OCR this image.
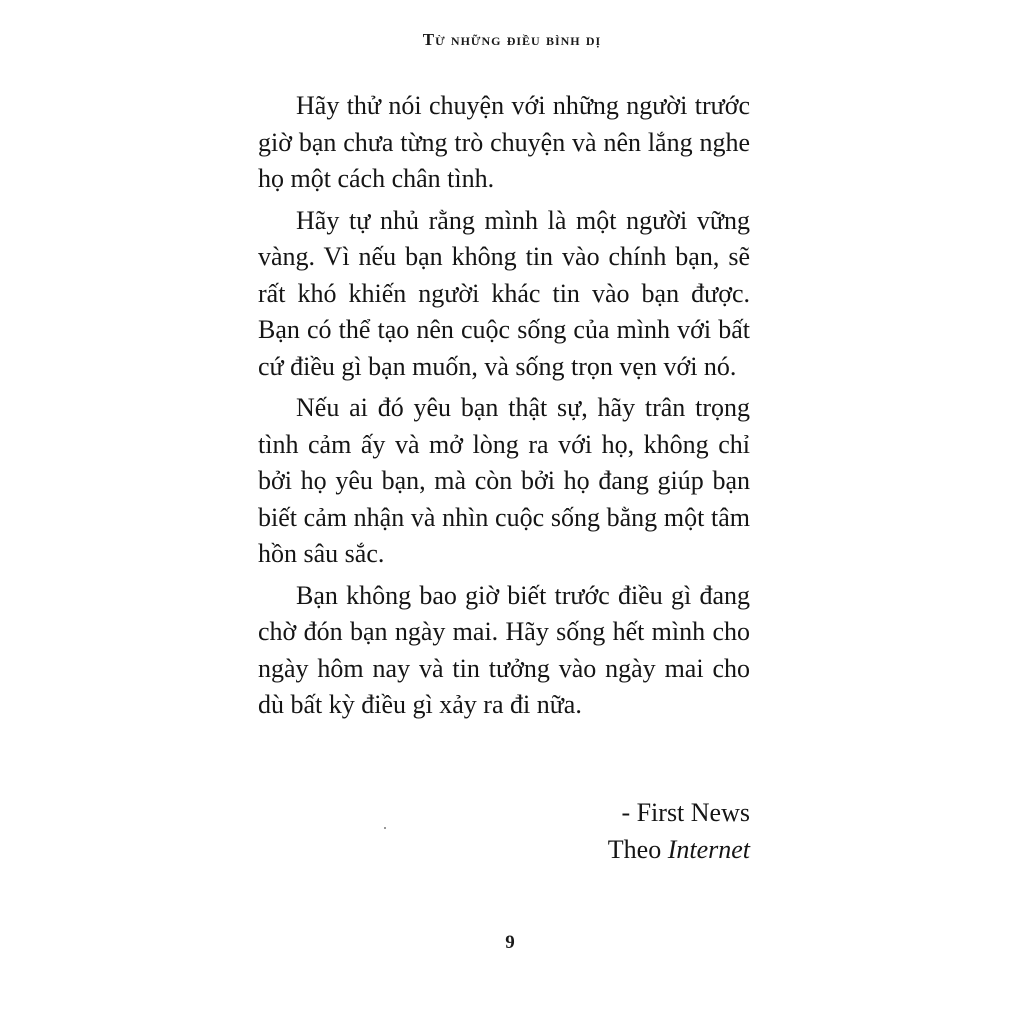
Từ những điều bình dị

Hãy thử nói chuyện với những người trước giờ bạn chưa từng trò chuyện và nên lắng nghe họ một cách chân tình.

Hãy tự nhủ rằng mình là một người vững vàng. Vì nếu bạn không tin vào chính bạn, sẽ rất khó khiến người khác tin vào bạn được. Bạn có thể tạo nên cuộc sống của mình với bất cứ điều gì bạn muốn, và sống trọn vẹn với nó.

Nếu ai đó yêu bạn thật sự, hãy trân trọng tình cảm ấy và mở lòng ra với họ, không chỉ bởi họ yêu bạn, mà còn bởi họ đang giúp bạn biết cảm nhận và nhìn cuộc sống bằng một tâm hồn sâu sắc.

Bạn không bao giờ biết trước điều gì đang chờ đón bạn ngày mai. Hãy sống hết mình cho ngày hôm nay và tin tưởng vào ngày mai cho dù bất kỳ điều gì xảy ra đi nữa.

- First News
Theo Internet
9
